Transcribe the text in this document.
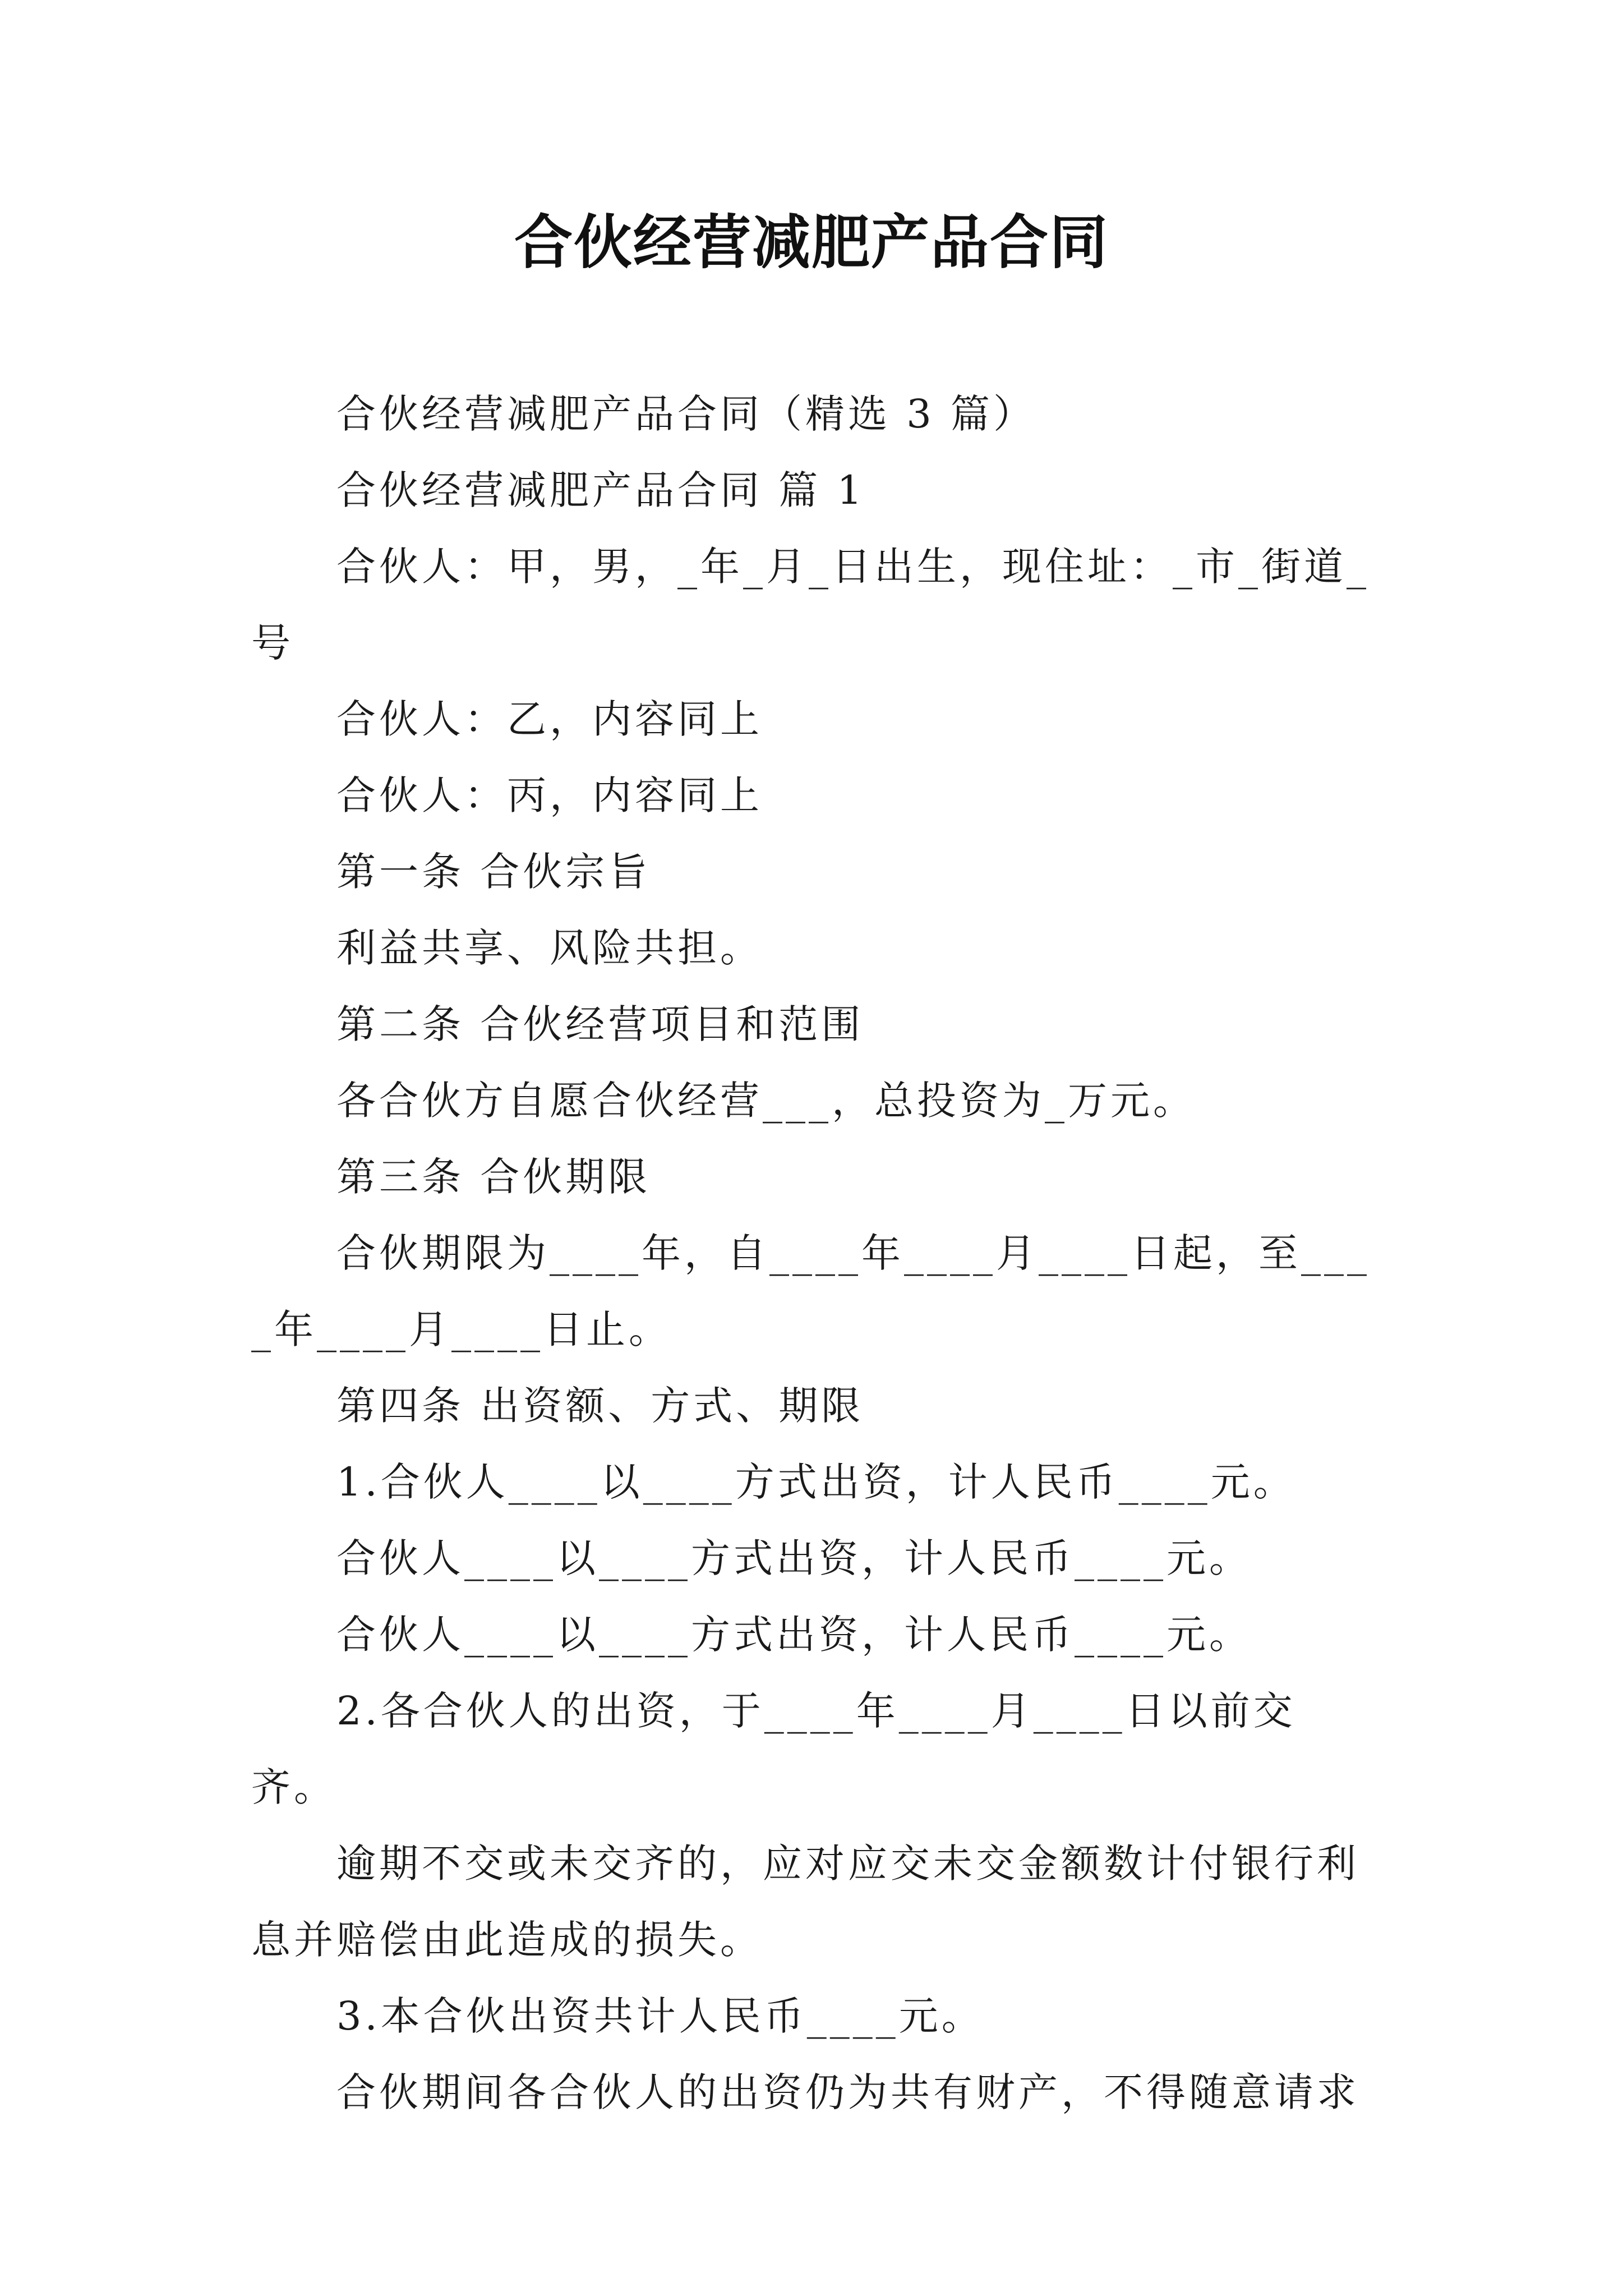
合伙经营减肥产品合同

合伙经营减肥产品合同（精选 3 篇）

合伙经营减肥产品合同 篇 1

合伙人：甲，男，_年_月_日出生，现住址：_市_街道_号

合伙人：乙，内容同上

合伙人：丙，内容同上

第一条 合伙宗旨

利益共享、风险共担。

第二条 合伙经营项目和范围

各合伙方自愿合伙经营___，总投资为_万元。

第三条 合伙期限

合伙期限为____年，自____年____月____日起，至____年____月____日止。

第四条 出资额、方式、期限

1.合伙人____以____方式出资，计人民币____元。

合伙人____以____方式出资，计人民币____元。

合伙人____以____方式出资，计人民币____元。

2.各合伙人的出资，于____年____月____日以前交齐。

逾期不交或未交齐的，应对应交未交金额数计付银行利息并赔偿由此造成的损失。

3.本合伙出资共计人民币____元。

合伙期间各合伙人的出资仍为共有财产，不得随意请求
